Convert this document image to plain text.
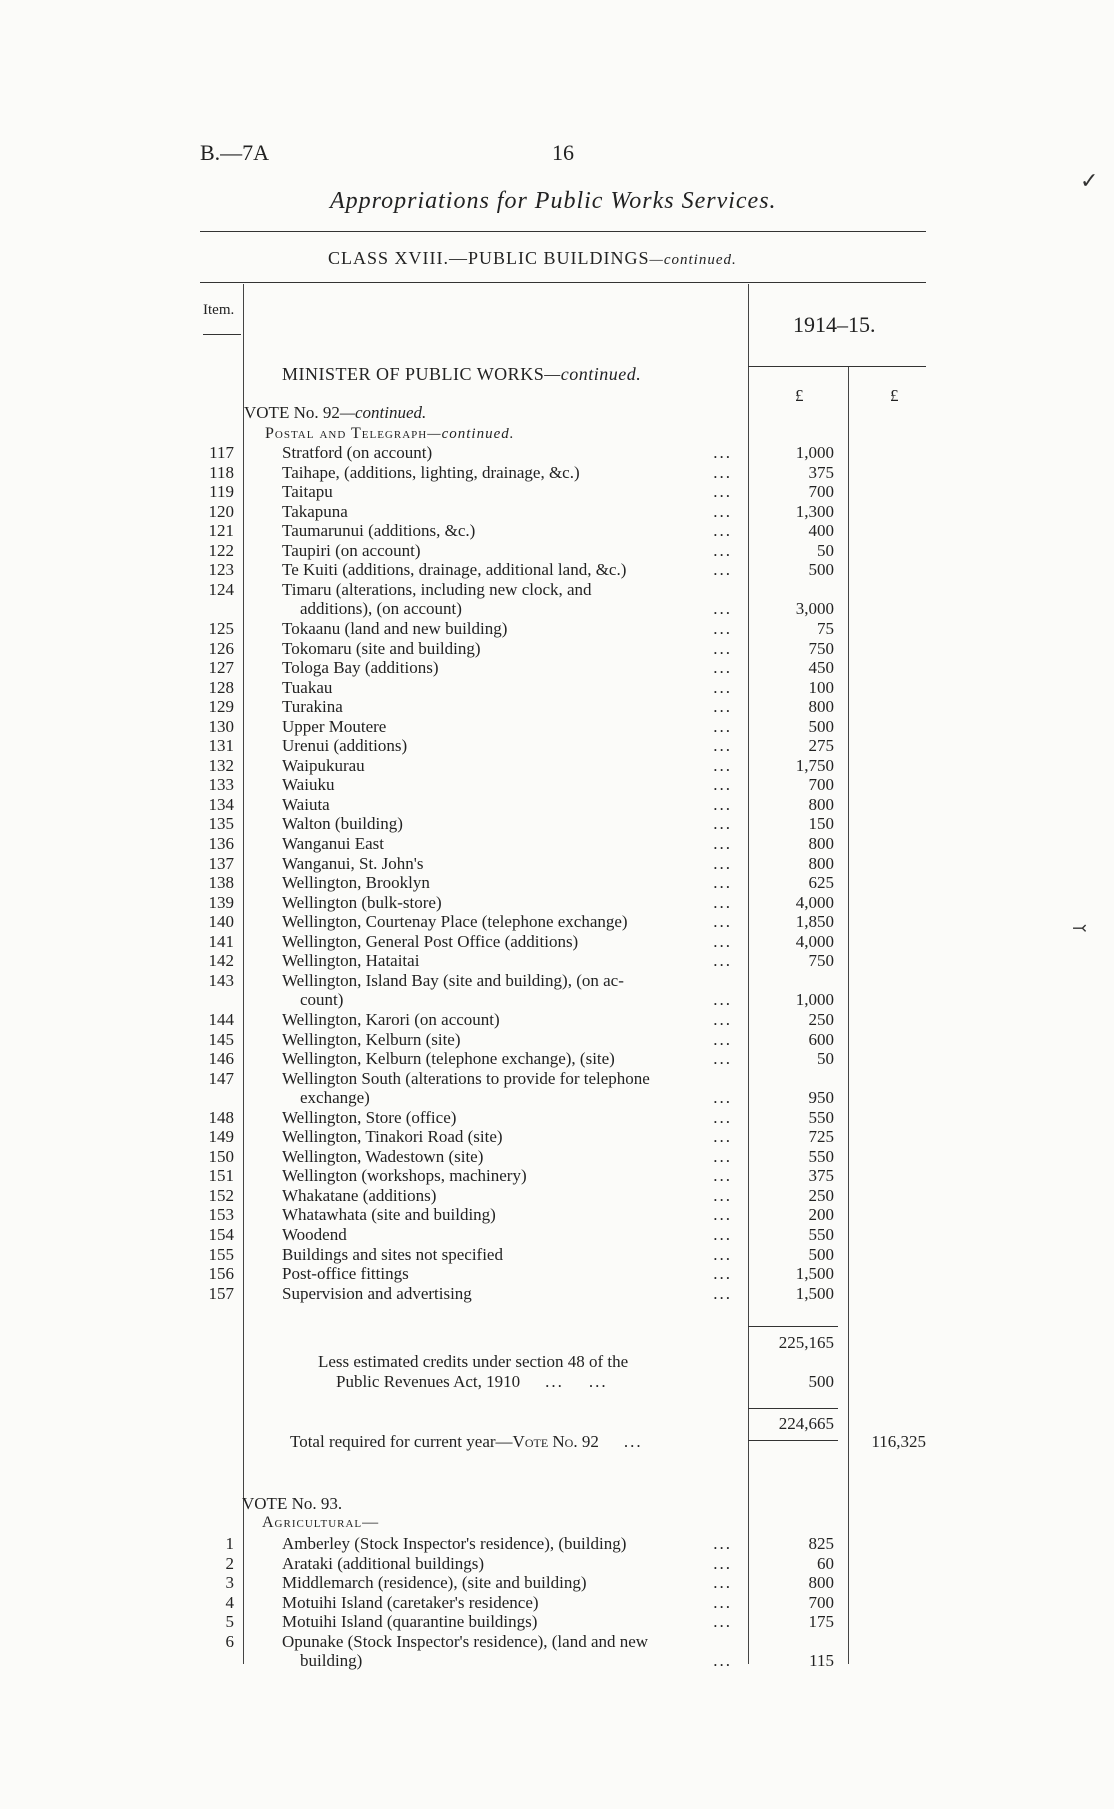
B.—7A	16
Appropriations for Public Works Services.
CLASS XVIII.—PUBLIC BUILDINGS—continued.
Item.
1914–15.
£	£
MINISTER OF PUBLIC WORKS—continued.
VOTE No. 92—continued.
Postal and Telegraph—continued.
117	Stratford (on account)	...	1,000
118	Taihape, (additions, lighting, drainage, &c.)	...	375
119	Taitapu	...	700
120	Takapuna	...	1,300
121	Taumarunui (additions, &c.)	...	400
122	Taupiri (on account)	...	50
123	Te Kuiti (additions, drainage, additional land, &c.)	...	500
124	Timaru (alterations, including new clock, and
additions), (on account)	...	3,000
125	Tokaanu (land and new building)	...	75
126	Tokomaru (site and building)	...	750
127	Tologa Bay (additions)	...	450
128	Tuakau	...	100
129	Turakina	...	800
130	Upper Moutere	...	500
131	Urenui (additions)	...	275
132	Waipukurau	...	1,750
133	Waiuku	...	700
134	Waiuta	...	800
135	Walton (building)	...	150
136	Wanganui East	...	800
137	Wanganui, St. John's	...	800
138	Wellington, Brooklyn	...	625
139	Wellington (bulk-store)	...	4,000
140	Wellington, Courtenay Place (telephone exchange)	...	1,850
141	Wellington, General Post Office (additions)	...	4,000
142	Wellington, Hataitai	...	750
143	Wellington, Island Bay (site and building), (on ac-
count)	...	1,000
144	Wellington, Karori (on account)	...	250
145	Wellington, Kelburn (site)	...	600
146	Wellington, Kelburn (telephone exchange), (site)	...	50
147	Wellington South (alterations to provide for telephone
exchange)	...	950
148	Wellington, Store (office)	...	550
149	Wellington, Tinakori Road (site)	...	725
150	Wellington, Wadestown (site)	...	550
151	Wellington (workshops, machinery)	...	375
152	Whakatane (additions)	...	250
153	Whatawhata (site and building)	...	200
154	Woodend	...	550
155	Buildings and sites not specified	...	500
156	Post-office fittings	...	1,500
157	Supervision and advertising	...	1,500
225,165
Less estimated credits under section 48 of the
Public Revenues Act, 1910    ...    ...	500
224,665
Total required for current year—Vote No. 92    ...	116,325
VOTE No. 93.
Agricultural—
1	Amberley (Stock Inspector's residence), (building)	...	825
2	Arataki (additional buildings)	...	60
3	Middlemarch (residence), (site and building)	...	800
4	Motuihi Island (caretaker's residence)	...	700
5	Motuihi Island (quarantine buildings)	...	175
6	Opunake (Stock Inspector's residence), (land and new
building)	...	115
✓
⤙
